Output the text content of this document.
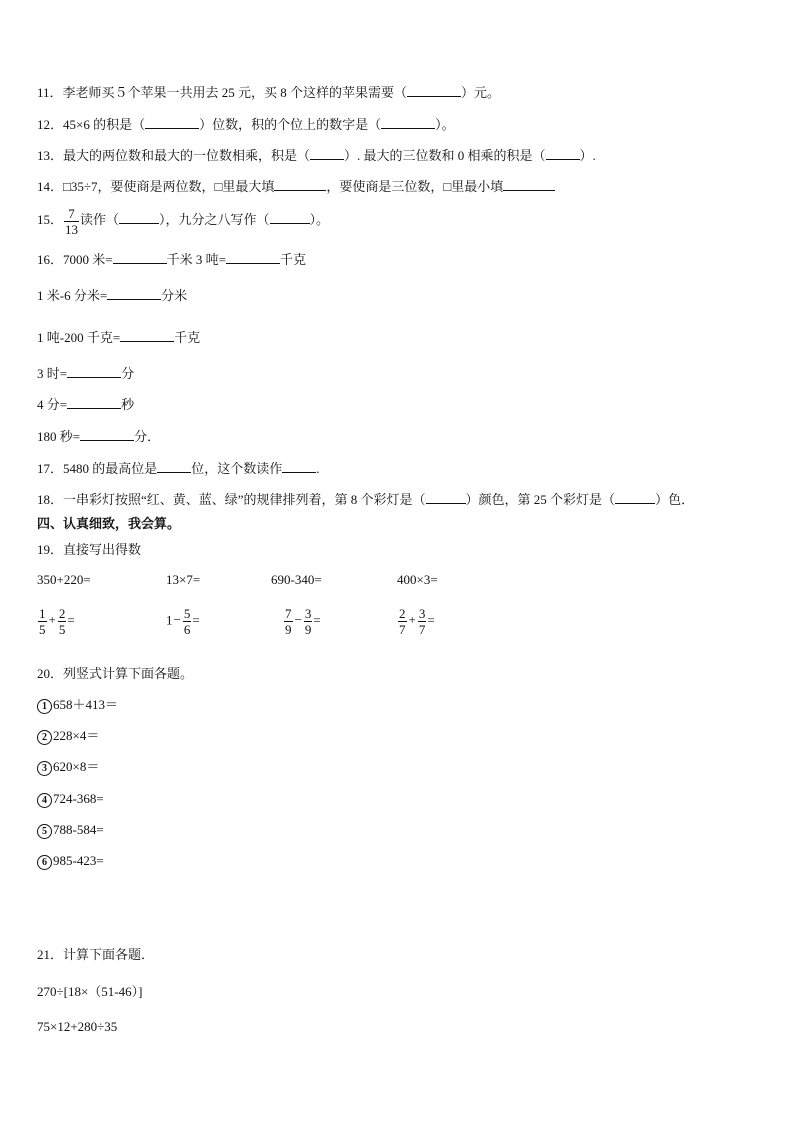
11．李老师买５个苹果一共用去 25 元，买 8 个这样的苹果需要（	）元。
12．45×6 的积是（	）位数，积的个位上的数字是（	）。
13．最大的两位数和最大的一位数相乘，积是（	）. 最大的三位数和 0 相乘的积是（	）.
14．□35÷7，要使商是两位数，□里最大填	，要使商是三位数，□里最小填
15． $\frac{7}{13}$ 读作（	），九分之八写作（	）。
16．7000 米=	千米 3 吨=	千克
1 米-6 分米=	分米
1 吨-200 千克=	千克
3 时=	分
4 分=	秒
180 秒=	分．
17．5480 的最高位是	位，这个数读作	.
18．一串彩灯按照“红、黄、蓝、绿”的规律排列着，第 8 个彩灯是（	）颜色，第 25 个彩灯是（	）色．
四、认真细致，我会算。
19．直接写出得数
350+220=	13×7=	690-340=	400×3=
$\frac{1}{5} + \frac{2}{5}$ =	$1- \frac{5}{6}$ =	$\frac{7}{9} - \frac{3}{9}$ =	$\frac{2}{7} + \frac{3}{7}$ =
20．列竖式计算下面各题。
1 658＋413＝
2 228×4＝
3 620×8＝
4 724-368=
5 788-584=
6 985-423=
21．计算下面各题．
270÷[18×（51-46）]
75×12+280÷35
